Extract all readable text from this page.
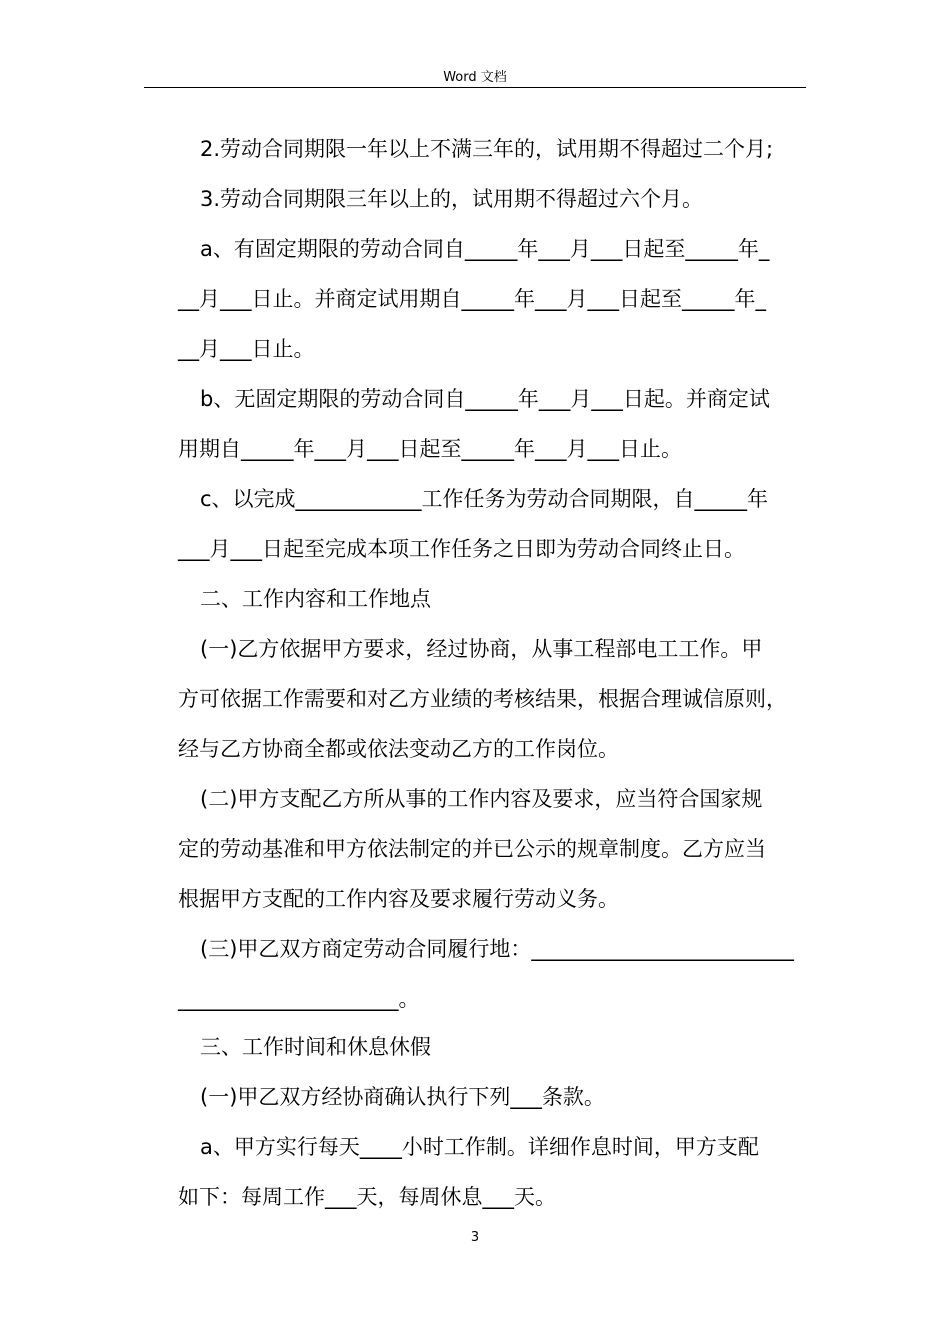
Word 文档
2.劳动合同期限一年以上不满三年的，试用期不得超过二个月;
3.劳动合同期限三年以上的，试用期不得超过六个月。
a、有固定期限的劳动合同自_____年___月___日起至_____年_
__月___日止。并商定试用期自_____年___月___日起至_____年_
__月___日止。
b、无固定期限的劳动合同自_____年___月___日起。并商定试
用期自_____年___月___日起至_____年___月___日止。
c、以完成____________工作任务为劳动合同期限，自_____年
___月___日起至完成本项工作任务之日即为劳动合同终止日。
二、工作内容和工作地点
(一)乙方依据甲方要求，经过协商，从事工程部电工工作。甲
方可依据工作需要和对乙方业绩的考核结果，根据合理诚信原则，
经与乙方协商全都或依法变动乙方的工作岗位。
(二)甲方支配乙方所从事的工作内容及要求，应当符合国家规
定的劳动基准和甲方依法制定的并已公示的规章制度。乙方应当
根据甲方支配的工作内容及要求履行劳动义务。
(三)甲乙双方商定劳动合同履行地：_________________________
_____________________。
三、工作时间和休息休假
(一)甲乙双方经协商确认执行下列___条款。
a、甲方实行每天____小时工作制。详细作息时间，甲方支配
如下：每周工作___天，每周休息___天。
3
